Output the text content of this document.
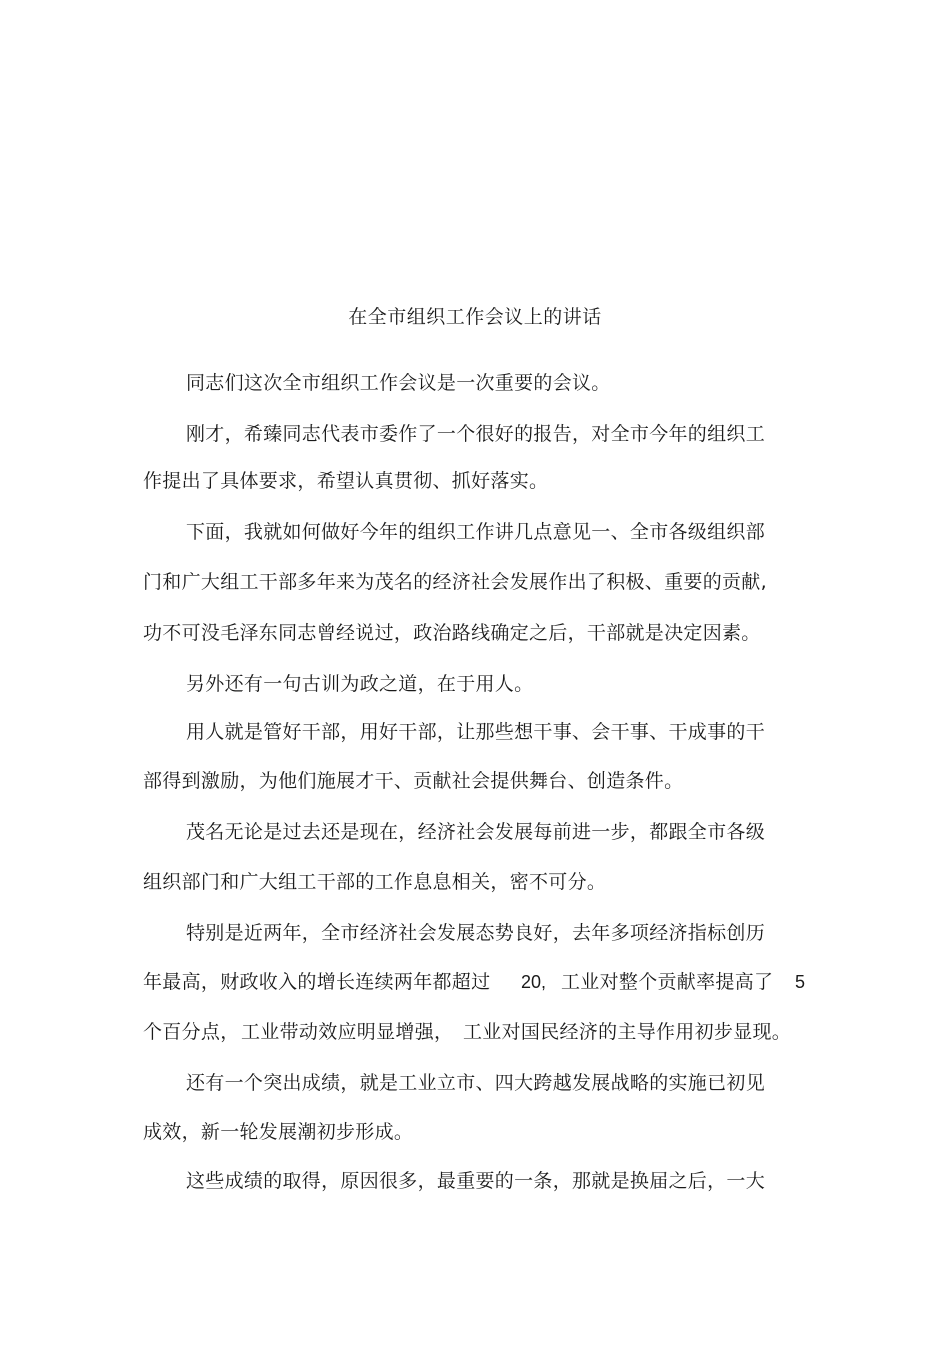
在全市组织工作会议上的讲话
同志们这次全市组织工作会议是一次重要的会议。
刚才，希臻同志代表市委作了一个很好的报告，对全市今年的组织工
作提出了具体要求，希望认真贯彻、抓好落实。
下面，我就如何做好今年的组织工作讲几点意见一、全市各级组织部
门和广大组工干部多年来为茂名的经济社会发展作出了积极、重要的贡献,
功不可没毛泽东同志曾经说过，政治路线确定之后，干部就是决定因素。
另外还有一句古训为政之道，在于用人。
用人就是管好干部，用好干部，让那些想干事、会干事、干成事的干
部得到激励，为他们施展才干、贡献社会提供舞台、创造条件。
茂名无论是过去还是现在，经济社会发展每前进一步，都跟全市各级
组织部门和广大组工干部的工作息息相关，密不可分。
特别是近两年，全市经济社会发展态势良好，去年多项经济指标创历
年最高，财政收入的增长连续两年都超过 20, 工业对整个贡献率提高了 5
个百分点， 工业带动效应明显增强， 工业对国民经济的主导作用初步显现。
还有一个突出成绩，就是工业立市、四大跨越发展战略的实施已初见
成效，新一轮发展潮初步形成。
这些成绩的取得，原因很多，最重要的一条，那就是换届之后，一大
